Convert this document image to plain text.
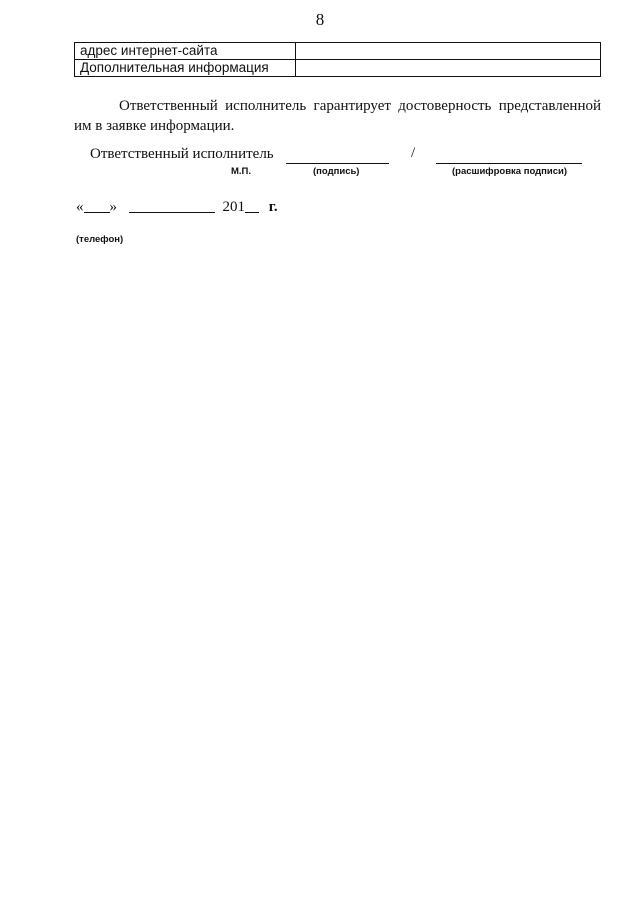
8
адрес интернет-сайта	
Дополнительная информация	
Ответственный исполнитель гарантирует достоверность представленной
им в заявке информации.
Ответственный исполнитель	/
М.П.	(подпись)	(расшифровка подписи)
« »	201 г.
(телефон)
